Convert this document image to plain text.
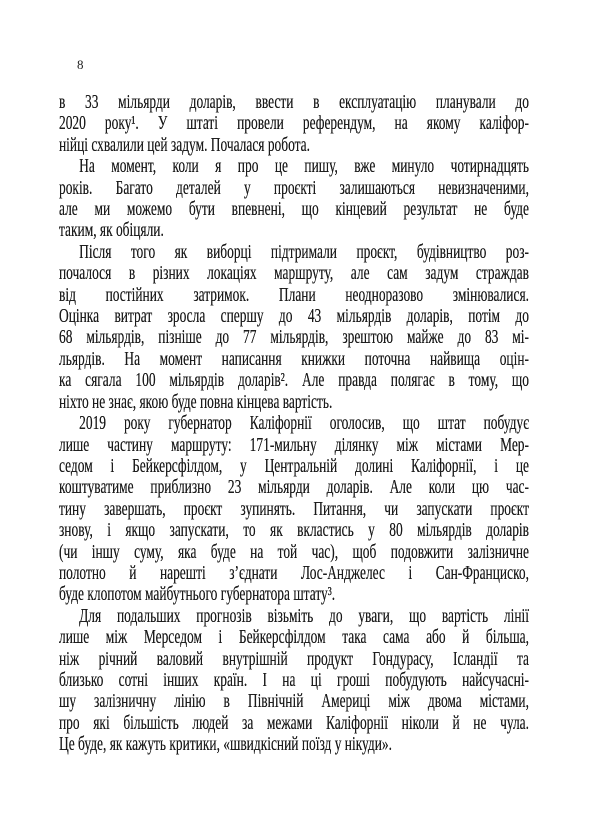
8
в 33 мільярди доларів, ввести в експлуатацію планували до
2020 року¹. У штаті провели референдум, на якому каліфор-
нійці схвалили цей задум. Почалася робота.
На момент, коли я про це пишу, вже минуло чотирнадцять
років. Багато деталей у проєкті залишаються невизначеними,
але ми можемо бути впевнені, що кінцевий результат не буде
таким, як обіцяли.
Після того як виборці підтримали проєкт, будівництво роз-
почалося в різних локаціях маршруту, але сам задум страждав
від постійних затримок. Плани неодноразово змінювалися.
Оцінка витрат зросла спершу до 43 мільярдів доларів, потім до
68 мільярдів, пізніше до 77 мільярдів, зрештою майже до 83 мі-
льярдів. На момент написання книжки поточна найвища оцін-
ка сягала 100 мільярдів доларів². Але правда полягає в тому, що
ніхто не знає, якою буде повна кінцева вартість.
2019 року губернатор Каліфорнії оголосив, що штат побудує
лише частину маршруту: 171-мильну ділянку між містами Мер-
седом і Бейкерсфілдом, у Центральній долині Каліфорнії, і це
коштуватиме приблизно 23 мільярди доларів. Але коли цю час-
тину завершать, проєкт зупинять. Питання, чи запускати проєкт
знову, і якщо запускати, то як вкластись у 80 мільярдів доларів
(чи іншу суму, яка буде на той час), щоб подовжити залізничне
полотно й нарешті з’єднати Лос-Анджелес і Сан-Франциско,
буде клопотом майбутнього губернатора штату³.
Для подальших прогнозів візьміть до уваги, що вартість лінії
лише між Мерседом і Бейкерсфілдом така сама або й більша,
ніж річний валовий внутрішній продукт Гондурасу, Ісландії та
близько сотні інших країн. І на ці гроші побудують найсучасні-
шу залізничну лінію в Північній Америці між двома містами,
про які більшість людей за межами Каліфорнії ніколи й не чула.
Це буде, як кажуть критики, «швидкісний поїзд у нікуди».
